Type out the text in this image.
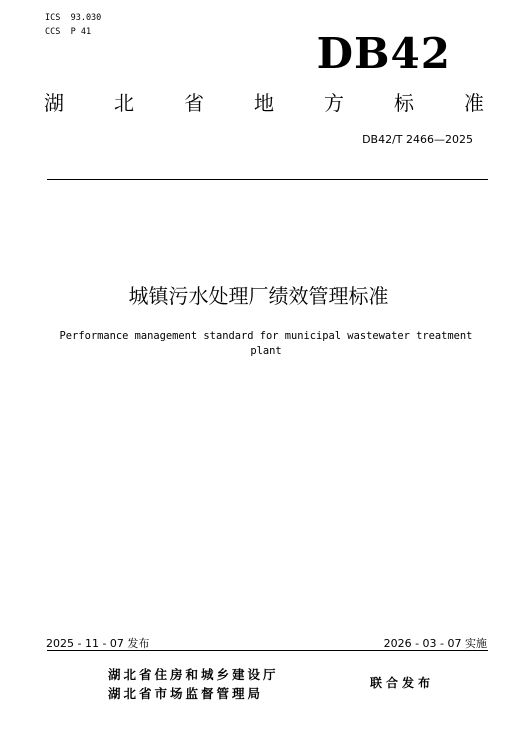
ICS  93.030
CCS  P 41	DB42
湖	北	省	地	方	标	准
DB42/T 2466—2025
城镇污水处理厂绩效管理标准
Performance management standard for municipal wastewater treatment plant
2025 - 11 - 07 发布	2026 - 03 - 07 实施
湖北省住房和城乡建设厅
湖北省市场监督管理局
联合发布
